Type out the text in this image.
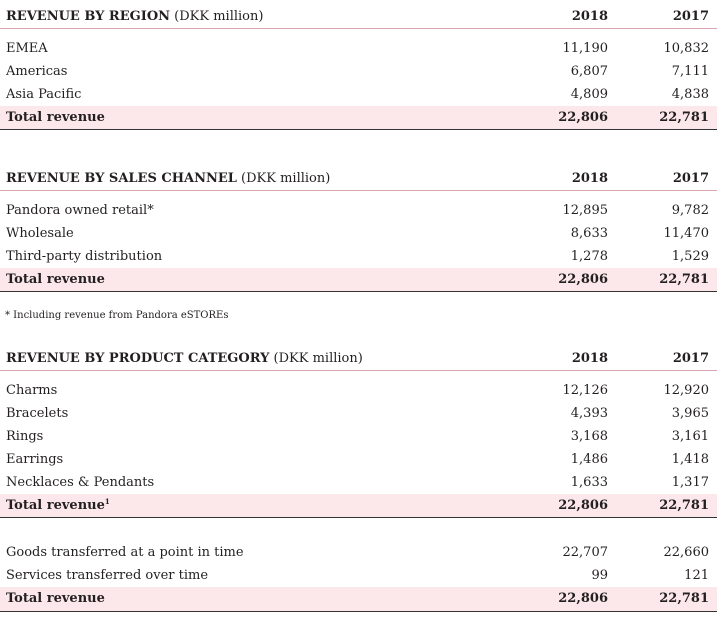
REVENUE BY REGION (DKK million)	2018	2017
EMEA	11,190	10,832
Americas	6,807	7,111
Asia Pacific	4,809	4,838
Total revenue	22,806	22,781
REVENUE BY SALES CHANNEL (DKK million)	2018	2017
Pandora owned retail*	12,895	9,782
Wholesale	8,633	11,470
Third-party distribution	1,278	1,529
Total revenue	22,806	22,781
* Including revenue from Pandora eSTOREs
REVENUE BY PRODUCT CATEGORY (DKK million)	2018	2017
Charms	12,126	12,920
Bracelets	4,393	3,965
Rings	3,168	3,161
Earrings	1,486	1,418
Necklaces & Pendants	1,633	1,317
Total revenue$^1$	22,806	22,781
Goods transferred at a point in time	22,707	22,660
Services transferred over time	99	121
Total revenue	22,806	22,781
